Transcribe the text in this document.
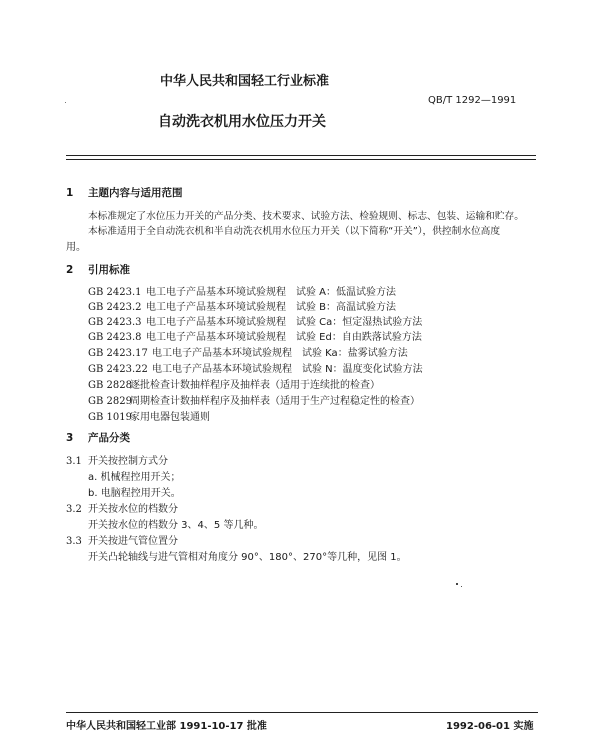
中华人民共和国轻工行业标准
QB/T 1292—1991
自动洗衣机用水位压力开关
1 主题内容与适用范围
本标准规定了水位压力开关的产品分类、技术要求、试验方法、检验规则、标志、包装、运输和贮存。
本标准适用于全自动洗衣机和半自动洗衣机用水位压力开关（以下简称“开关”），供控制水位高度
用。
2 引用标准
GB 2423.1 电工电子产品基本环境试验规程　试验 A：低温试验方法
GB 2423.2 电工电子产品基本环境试验规程　试验 B：高温试验方法
GB 2423.3 电工电子产品基本环境试验规程　试验 Ca：恒定湿热试验方法
GB 2423.8 电工电子产品基本环境试验规程　试验 Ed：自由跌落试验方法
GB 2423.17 电工电子产品基本环境试验规程　试验 Ka：盐雾试验方法
GB 2423.22 电工电子产品基本环境试验规程　试验 N：温度变化试验方法
GB 2828逐批检查计数抽样程序及抽样表（适用于连续批的检查）
GB 2829周期检查计数抽样程序及抽样表（适用于生产过程稳定性的检查）
GB 1019家用电器包装通则
3 产品分类
3.1 开关按控制方式分
a. 机械程控用开关；
b. 电脑程控用开关。
3.2 开关按水位的档数分
开关按水位的档数分 3、4、5 等几种。
3.3 开关按进气管位置分
开关凸轮轴线与进气管相对角度分 90°、180°、270°等几种，见图 1。
中华人民共和国轻工业部 1991-10-17 批准	1992-06-01 实施
